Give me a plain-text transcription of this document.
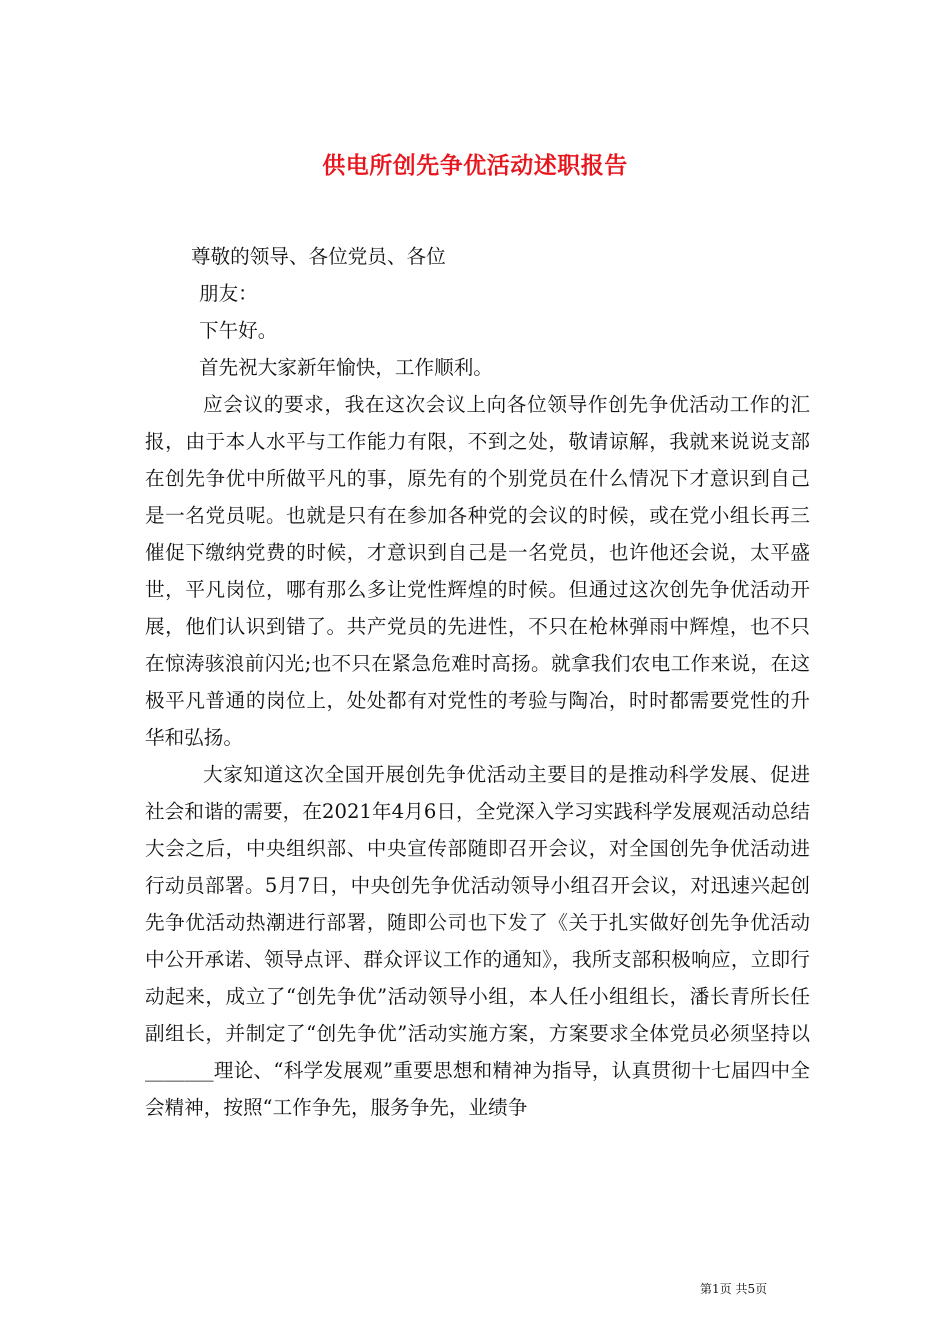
供电所创先争优活动述职报告

尊敬的领导、各位党员、各位

朋友：

下午好。

首先祝大家新年愉快，工作顺利。

应会议的要求，我在这次会议上向各位领导作创先争优活动工作的汇报，由于本人水平与工作能力有限，不到之处，敬请谅解，我就来说说支部在创先争优中所做平凡的事，原先有的个别党员在什么情况下才意识到自己是一名党员呢。也就是只有在参加各种党的会议的时候，或在党小组长再三催促下缴纳党费的时候，才意识到自己是一名党员，也许他还会说，太平盛世，平凡岗位，哪有那么多让党性辉煌的时候。但通过这次创先争优活动开展，他们认识到错了。共产党员的先进性，不只在枪林弹雨中辉煌，也不只在惊涛骇浪前闪光;也不只在紧急危难时高扬。就拿我们农电工作来说，在这极平凡普通的岗位上，处处都有对党性的考验与陶冶，时时都需要党性的升华和弘扬。

大家知道这次全国开展创先争优活动主要目的是推动科学发展、促进社会和谐的需要，在2021年4月6日，全党深入学习实践科学发展观活动总结大会之后，中央组织部、中央宣传部随即召开会议，对全国创先争优活动进行动员部署。5月7日，中央创先争优活动领导小组召开会议，对迅速兴起创先争优活动热潮进行部署，随即公司也下发了《关于扎实做好创先争优活动中公开承诺、领导点评、群众评议工作的通知》，我所支部积极响应，立即行动起来，成立了“创先争优”活动领导小组，本人任小组组长，潘长青所长任副组长，并制定了“创先争优”活动实施方案，方案要求全体党员必须坚持以_______理论、“科学发展观”重要思想和精神为指导，认真贯彻十七届四中全会精神，按照“工作争先，服务争先，业绩争

第1页 共5页
